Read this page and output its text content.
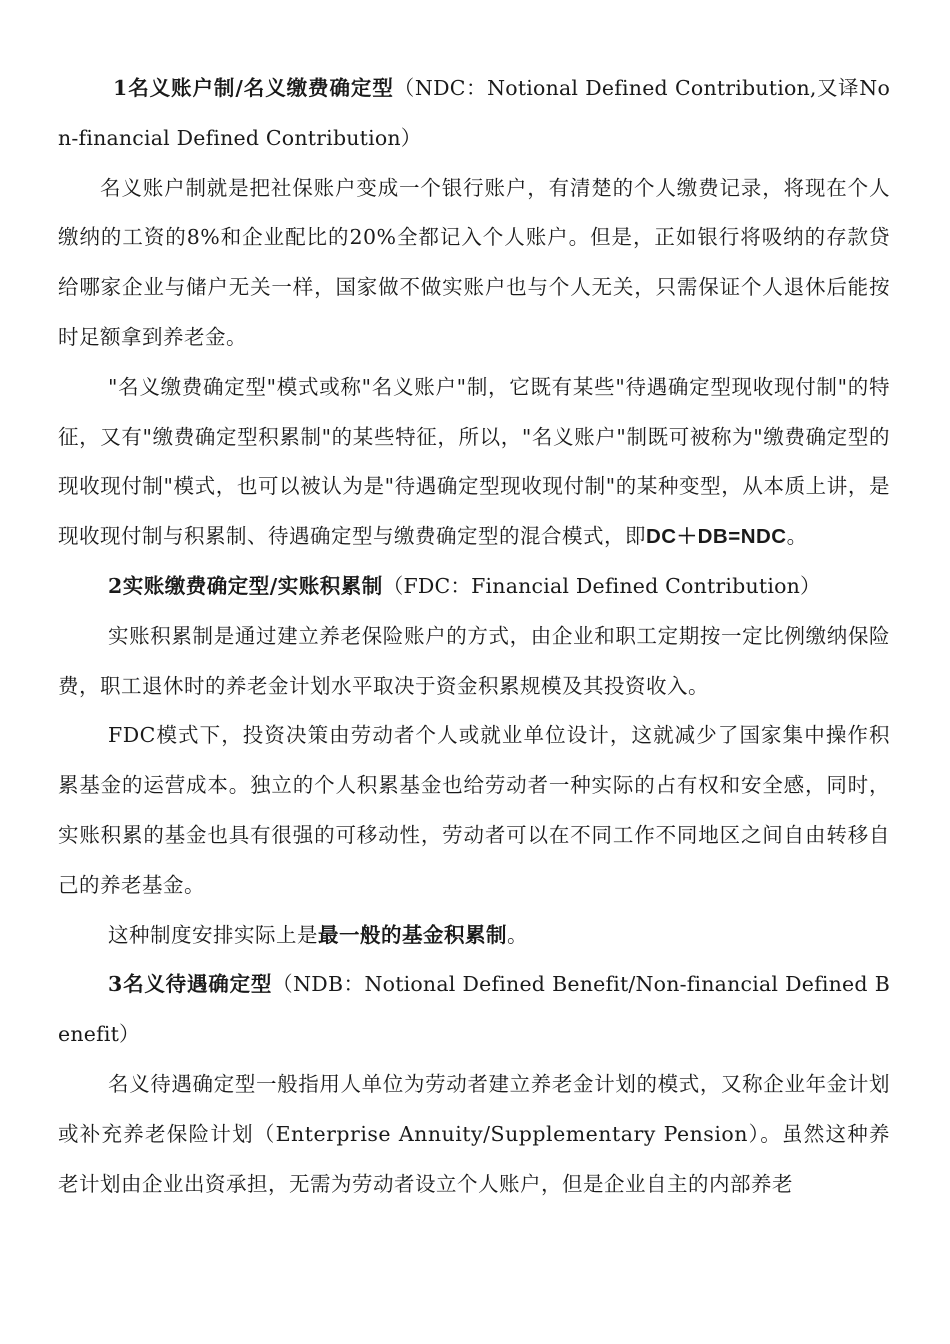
1名义账户制/名义缴费确定型（NDC：Notional Defined Contribution,又译Non-financial Defined Contribution）

名义账户制就是把社保账户变成一个银行账户，有清楚的个人缴费记录，将现在个人缴纳的工资的8%和企业配比的20%全都记入个人账户。但是，正如银行将吸纳的存款贷给哪家企业与储户无关一样，国家做不做实账户也与个人无关，只需保证个人退休后能按时足额拿到养老金。

"名义缴费确定型"模式或称"名义账户"制，它既有某些"待遇确定型现收现付制"的特征，又有"缴费确定型积累制"的某些特征，所以，"名义账户"制既可被称为"缴费确定型的现收现付制"模式，也可以被认为是"待遇确定型现收现付制"的某种变型，从本质上讲，是现收现付制与积累制、待遇确定型与缴费确定型的混合模式，即DC＋DB=NDC。

2实账缴费确定型/实账积累制（FDC：Financial Defined Contribution）

实账积累制是通过建立养老保险账户的方式，由企业和职工定期按一定比例缴纳保险费，职工退休时的养老金计划水平取决于资金积累规模及其投资收入。

FDC模式下，投资决策由劳动者个人或就业单位设计，这就减少了国家集中操作积累基金的运营成本。独立的个人积累基金也给劳动者一种实际的占有权和安全感，同时，实账积累的基金也具有很强的可移动性，劳动者可以在不同工作不同地区之间自由转移自己的养老基金。

这种制度安排实际上是最一般的基金积累制。

3名义待遇确定型（NDB：Notional Defined Benefit/Non-financial Defined Benefit）

名义待遇确定型一般指用人单位为劳动者建立养老金计划的模式，又称企业年金计划或补充养老保险计划（Enterprise Annuity/Supplementary Pension）。虽然这种养老计划由企业出资承担，无需为劳动者设立个人账户，但是企业自主的内部养老
